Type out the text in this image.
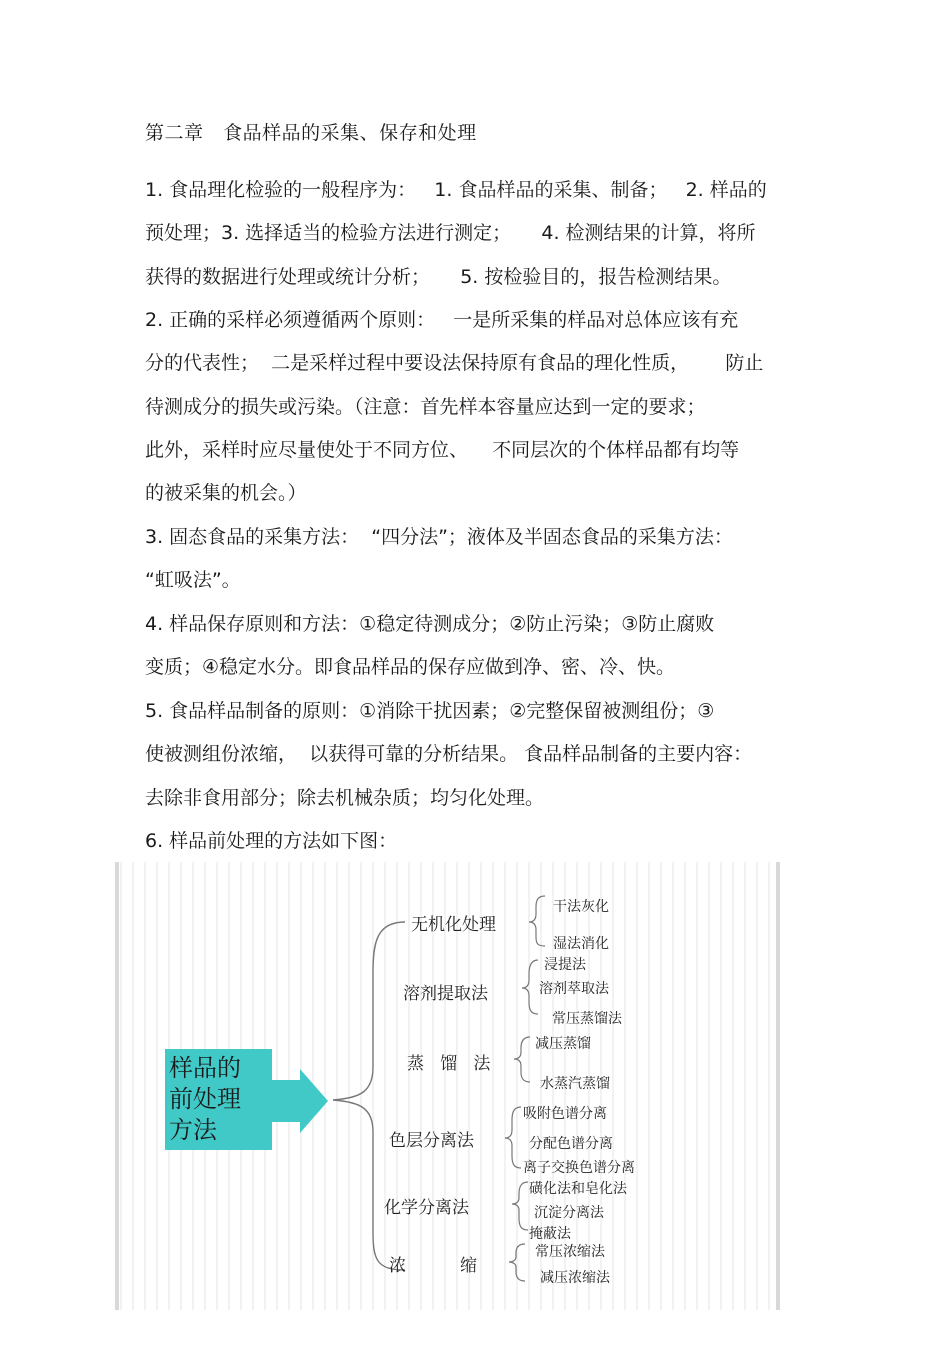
第二章   食品样品的采集、保存和处理
1. 食品理化检验的一般程序为：   1. 食品样品的采集、制备；   2. 样品的
预处理；3. 选择适当的检验方法进行测定；     4. 检测结果的计算，将所
获得的数据进行处理或统计分析；     5. 按检验目的，报告检测结果。
2. 正确的采样必须遵循两个原则：   一是所采集的样品对总体应该有充
分的代表性；  二是采样过程中要设法保持原有食品的理化性质，      防止
待测成分的损失或污染。（注意：首先样本容量应达到一定的要求；
此外，采样时应尽量使处于不同方位、    不同层次的个体样品都有均等
的被采集的机会。）
3. 固态食品的采集方法：  “四分法”；液体及半固态食品的采集方法：
“虹吸法”。
4. 样品保存原则和方法：①稳定待测成分；②防止污染；③防止腐败
变质；④稳定水分。即食品样品的保存应做到净、密、冷、快。
5. 食品样品制备的原则：①消除干扰因素；②完整保留被测组份；③
使被测组份浓缩，  以获得可靠的分析结果。 食品样品制备的主要内容：
去除非食用部分；除去机械杂质；均匀化处理。
6. 样品前处理的方法如下图：
样品的
前处理
方法
无机化处理
溶剂提取法
蒸   馏   法
色层分离法
化学分离法
浓          缩
干法灰化
湿法消化
浸提法
溶剂萃取法
常压蒸馏法
减压蒸馏
水蒸汽蒸馏
吸附色谱分离
分配色谱分离
离子交换色谱分离
磺化法和皂化法
沉淀分离法
掩蔽法
常压浓缩法
减压浓缩法
